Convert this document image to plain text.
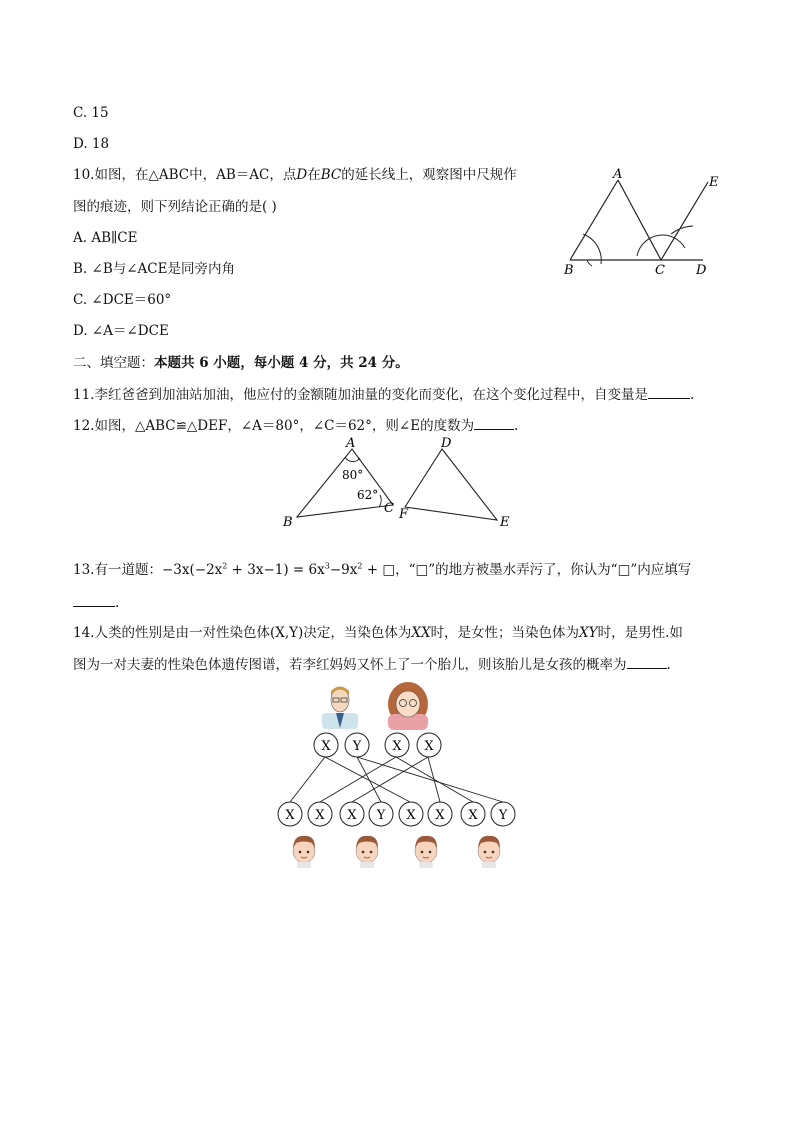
C. 15
D. 18
10.如图，在△ABC中，AB＝AC，点D在BC的延长线上，观察图中尺规作
图的痕迹，则下列结论正确的是( )
A. AB∥CE
B. ∠B与∠ACE是同旁内角
C. ∠DCE＝60°
D. ∠A＝∠DCE
A
E
B	C D
二、填空题：本题共 6 小题，每小题 4 分，共 24 分。
11.李红爸爸到加油站加油，他应付的金额随加油量的变化而变化，在这个变化过程中，自变量是	.
12.如图，△ABC≌△DEF，∠A＝80°，∠C＝62°，则∠E的度数为	.
A
B
C
D
E
F
80°
62°
13.有一道题：$-3x(-2x^2 + 3x-1) = 6x^3-9x^2$ + □，“□”的地方被墨水弄污了，你认为“□”内应填写
.
14.人类的性别是由一对性染色体(X,Y)决定，当染色体为XX时，是女性；当染色体为XY时，是男性.如
图为一对夫妻的性染色体遗传图谱，若李红妈妈又怀上了一个胎儿，则该胎儿是女孩的概率为	.
X Y X X
X X X Y X X X Y
